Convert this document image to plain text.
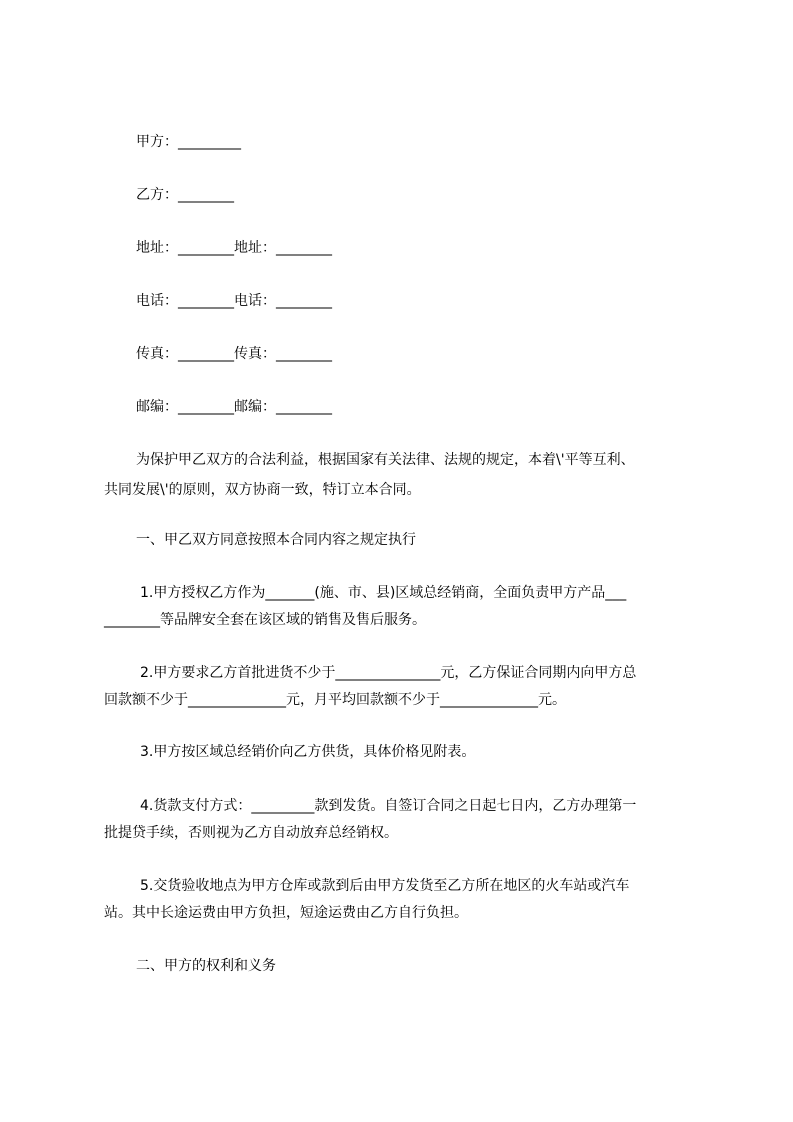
甲方：_________

乙方：________

地址：________地址：________

电话：________电话：________

传真：________传真：________

邮编：________邮编：________

为保护甲乙双方的合法利益，根据国家有关法律、法规的规定，本着\'平等互利、

共同发展\'的原则，双方协商一致，特订立本合同。

一、甲乙双方同意按照本合同内容之规定执行

1.甲方授权乙方作为_______(施、市、县)区域总经销商，全面负责甲方产品___

________等品牌安全套在该区域的销售及售后服务。

2.甲方要求乙方首批进货不少于_______________元，乙方保证合同期内向甲方总

回款额不少于______________元，月平均回款额不少于______________元。

3.甲方按区域总经销价向乙方供货，具体价格见附表。

4.货款支付方式：_________款到发货。自签订合同之日起七日内，乙方办理第一

批提贷手续，否则视为乙方自动放弃总经销权。

5.交货验收地点为甲方仓库或款到后由甲方发货至乙方所在地区的火车站或汽车

站。其中长途运费由甲方负担，短途运费由乙方自行负担。

二、甲方的权利和义务
